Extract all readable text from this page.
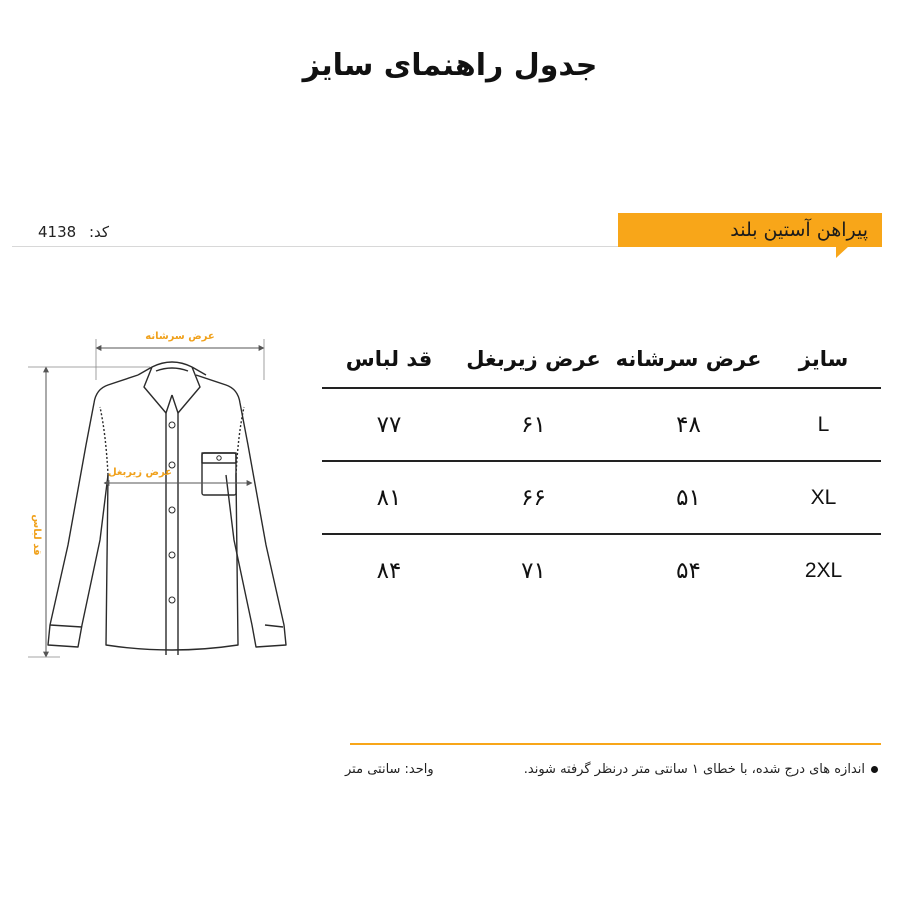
جدول راهنمای سایز
پیراهن آستین بلند
4138 کد:
عرض سرشانه
عرض زیربغل
قد لباس
سایز	عرض سرشانه	عرض زیربغل	قد لباس
L	۴۸	۶۱	۷۷
XL	۵۱	۶۶	۸۱
2XL	۵۴	۷۱	۸۴
اندازه های درج شده، با خطای ۱ سانتی متر درنظر گرفته شوند.
واحد: سانتی متر
